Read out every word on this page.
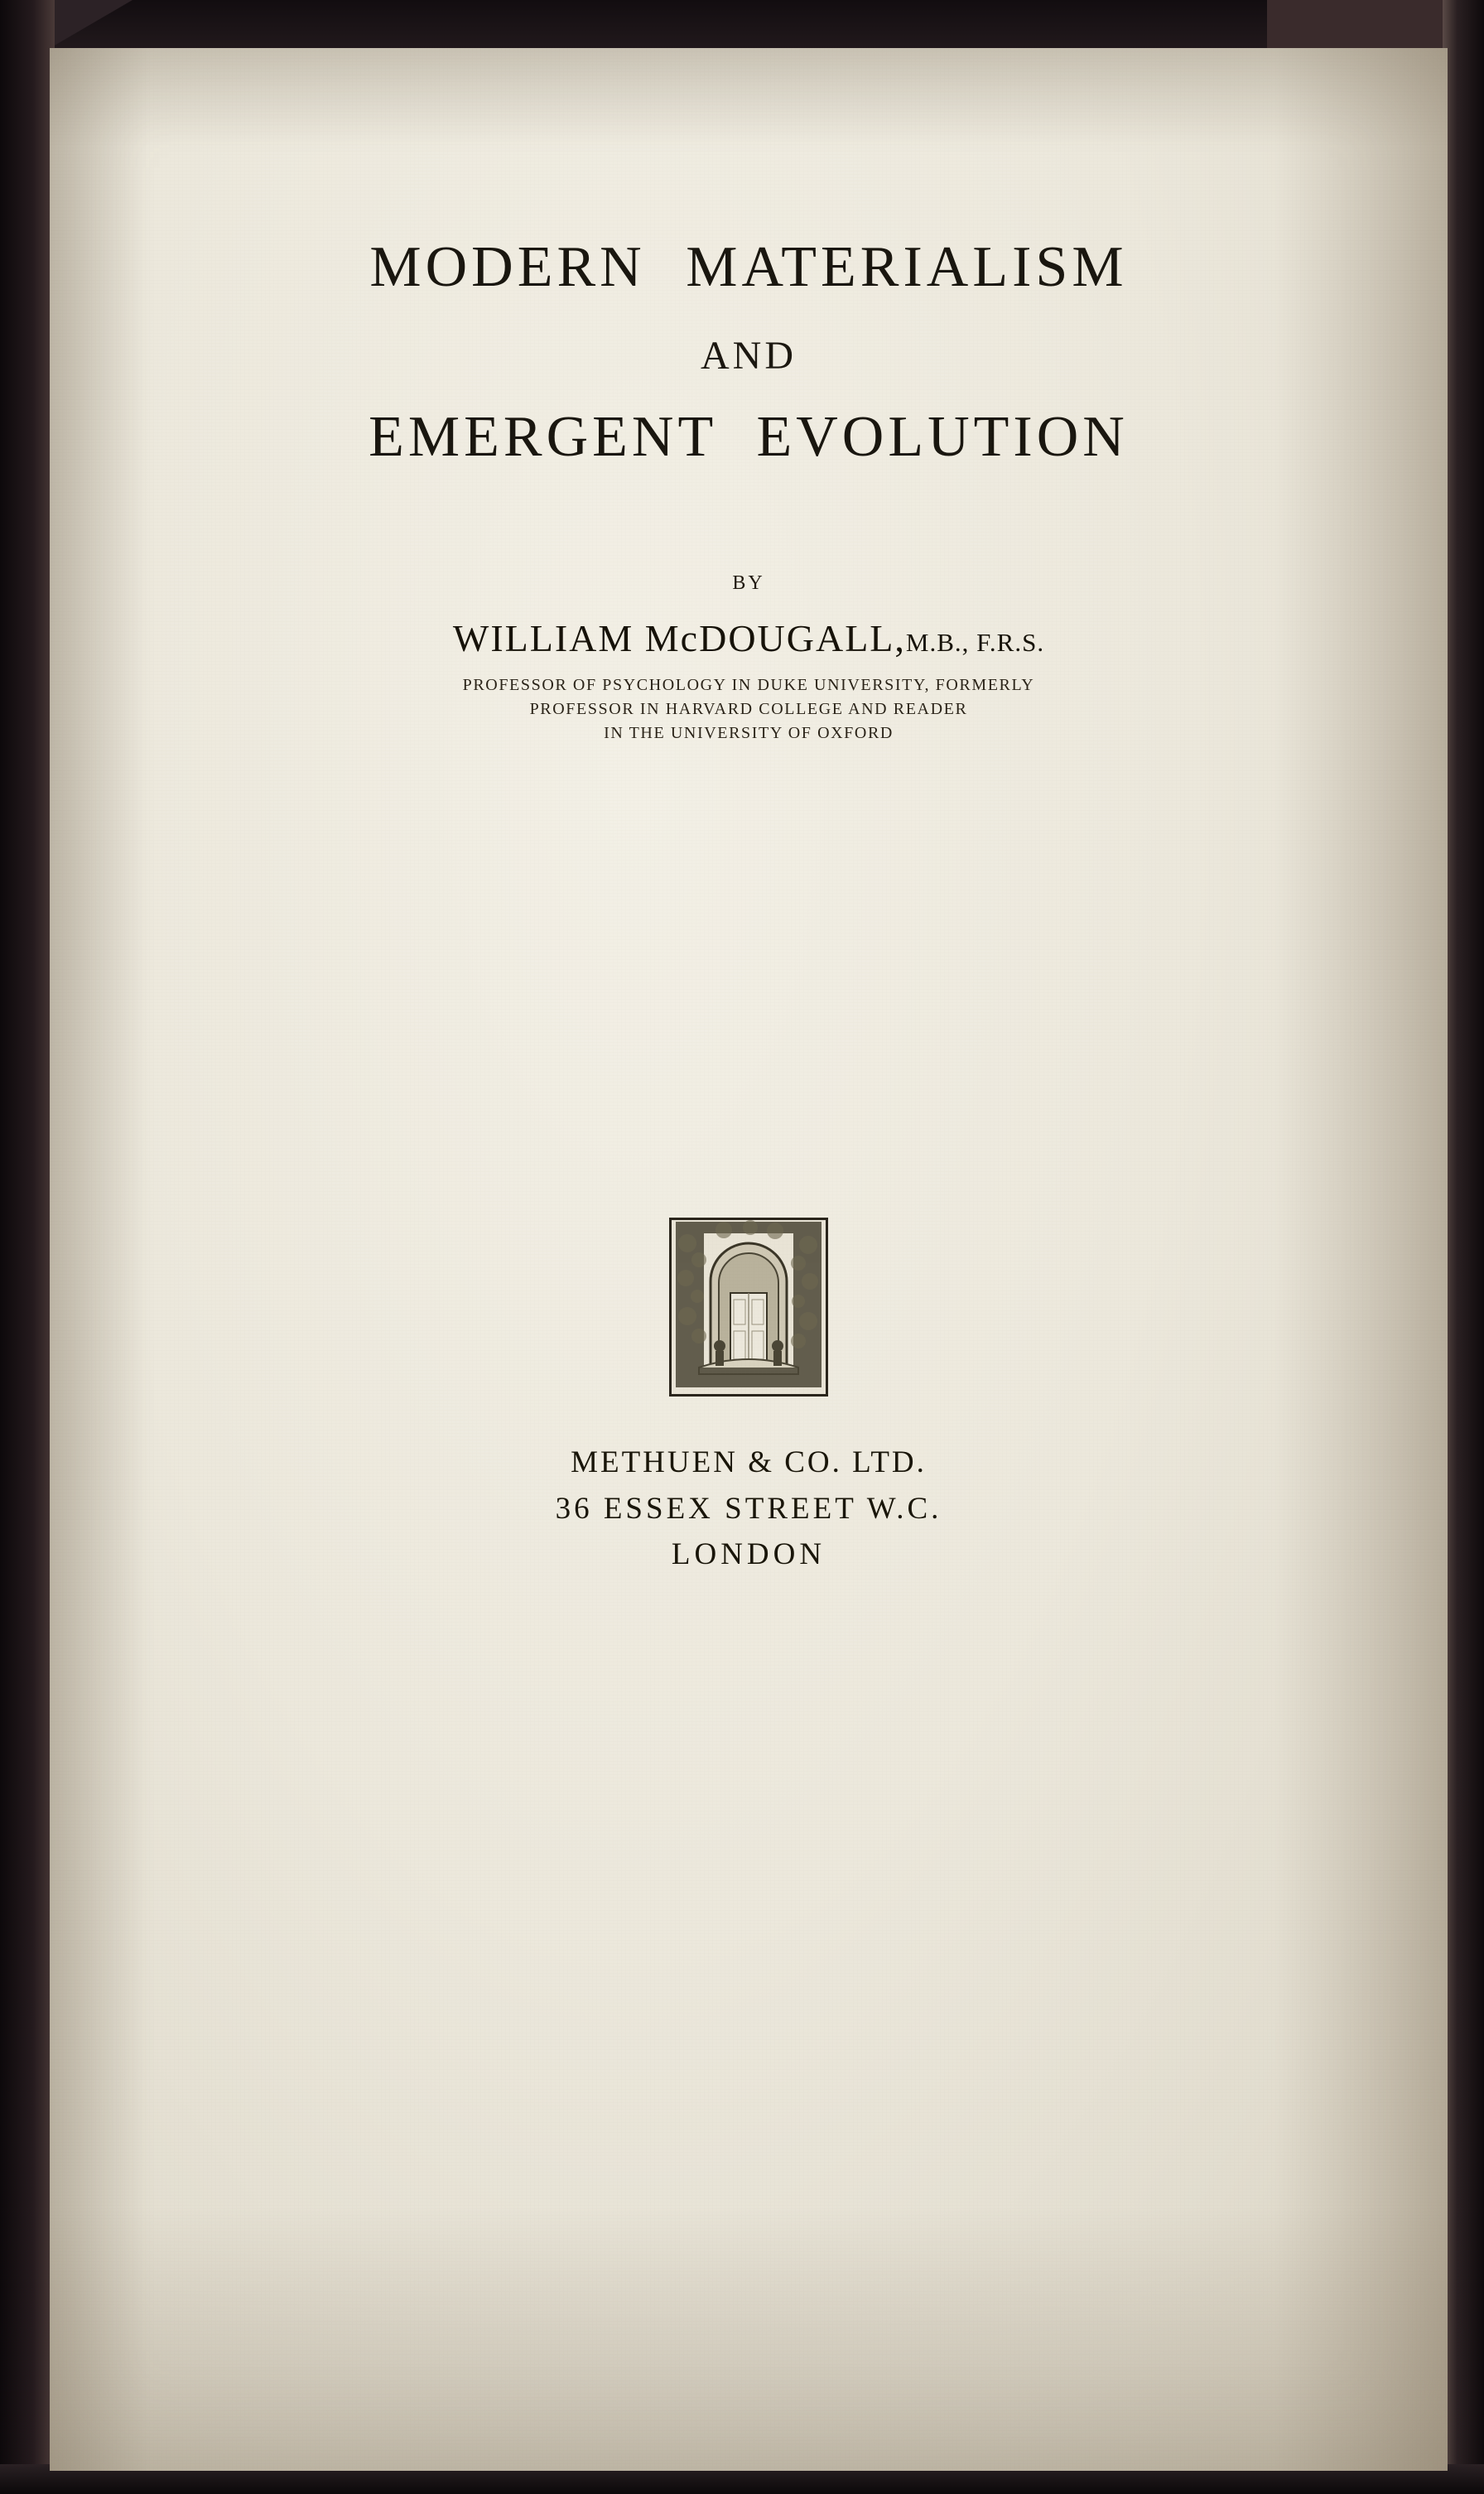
MODERN MATERIALISM
AND
EMERGENT EVOLUTION
BY
WILLIAM McDOUGALL,M.B., F.R.S.
PROFESSOR OF PSYCHOLOGY IN DUKE UNIVERSITY, FORMERLY
PROFESSOR IN HARVARD COLLEGE AND READER
IN THE UNIVERSITY OF OXFORD
METHUEN & CO. LTD.
36 ESSEX STREET W.C.
LONDON
